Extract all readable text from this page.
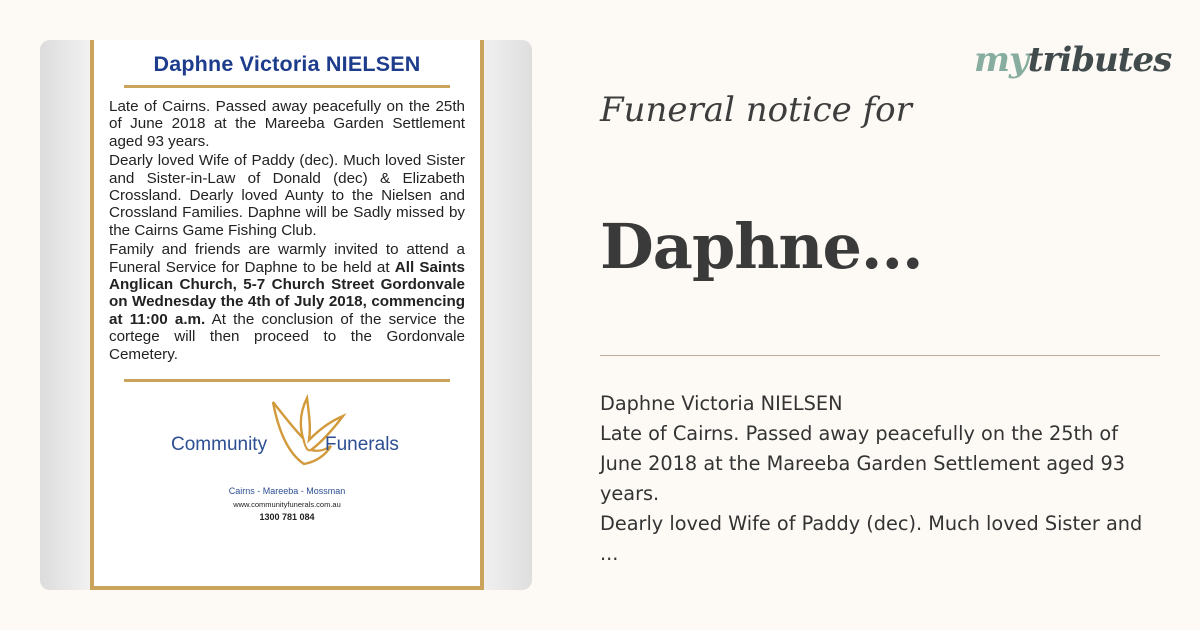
Daphne Victoria NIELSEN

Late of Cairns. Passed away peacefully on the 25th of June 2018 at the Mareeba Garden Settlement aged 93 years.

Dearly loved Wife of Paddy (dec). Much loved Sister and Sister-in-Law of Donald (dec) & Elizabeth Crossland. Dearly loved Aunty to the Nielsen and Crossland Families. Daphne will be Sadly missed by the Cairns Game Fishing Club.

Family and friends are warmly invited to attend a Funeral Service for Daphne to be held at All Saints Anglican Church, 5-7 Church Street Gordonvale on Wednesday the 4th of July 2018, commencing at 11:00 a.m. At the conclusion of the service the cortege will then proceed to the Gordonvale Cemetery.

Community	Funerals
Cairns - Mareeba - Mossman
www.communityfunerals.com.au
1300 781 084
mytributes
Funeral notice for
Daphne...
Daphne Victoria NIELSEN
Late of Cairns. Passed away peacefully on the 25th of
June 2018 at the Mareeba Garden Settlement aged 93
years.
Dearly loved Wife of Paddy (dec). Much loved Sister and
...
